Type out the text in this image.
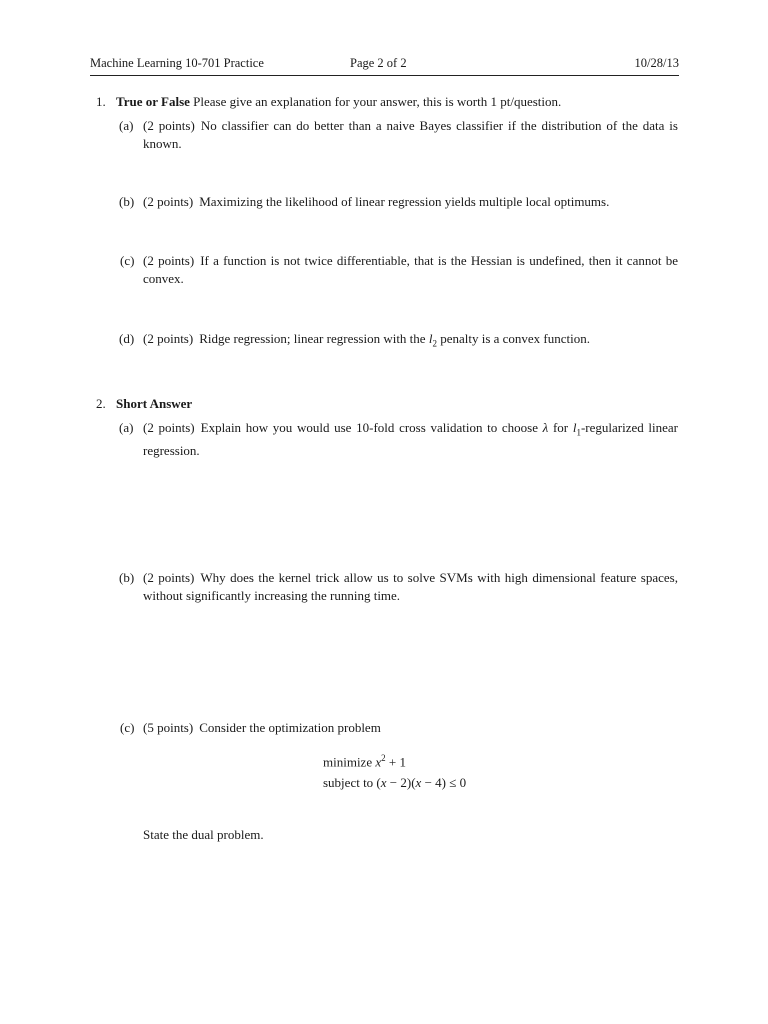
Machine Learning 10-701 Practice	Page 2 of 2	10/28/13
1. True or False Please give an explanation for your answer, this is worth 1 pt/question.
(a) (2 points) No classifier can do better than a naive Bayes classifier if the distribution of the data is known.
(b) (2 points) Maximizing the likelihood of linear regression yields multiple local optimums.
(c) (2 points) If a function is not twice differentiable, that is the Hessian is undefined, then it cannot be convex.
(d) (2 points) Ridge regression; linear regression with the $l_2$ penalty is a convex function.
2. Short Answer
(a) (2 points) Explain how you would use 10-fold cross validation to choose λ for $l_1$-regularized linear regression.
(b) (2 points) Why does the kernel trick allow us to solve SVMs with high dimensional feature spaces, without significantly increasing the running time.
(c) (5 points) Consider the optimization problem
minimize $x^2 + 1$
subject to (x − 2)(x − 4) ≤ 0
State the dual problem.
